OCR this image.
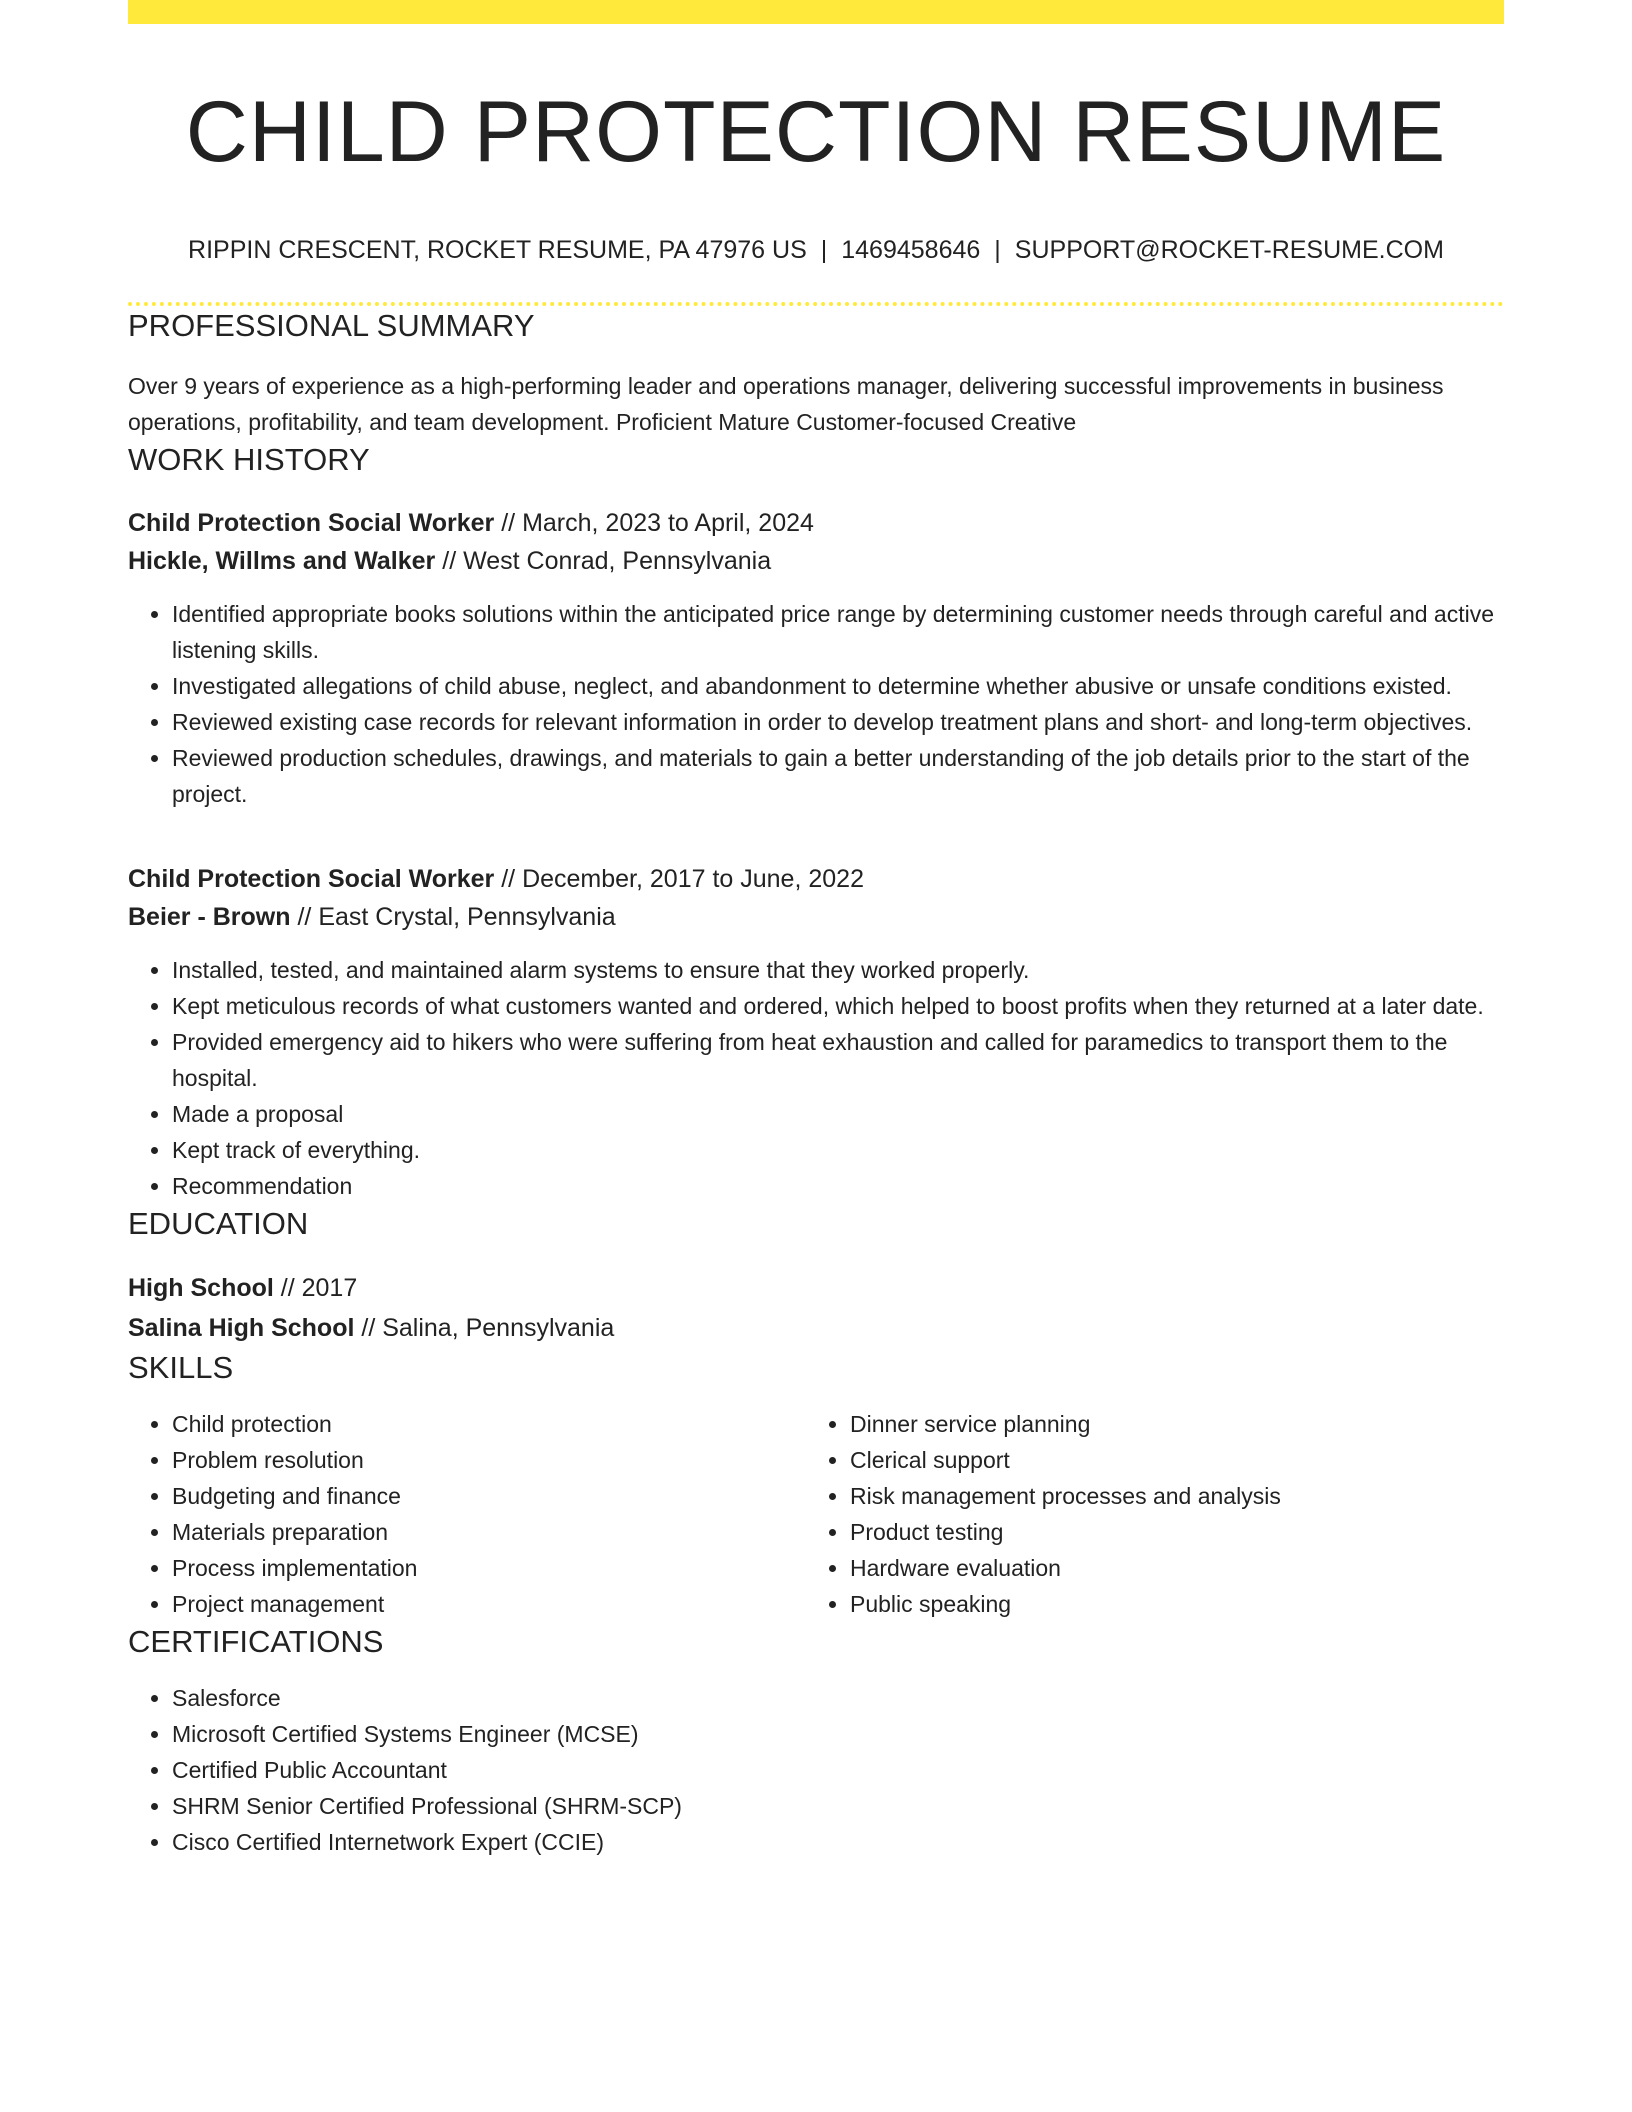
CHILD PROTECTION RESUME
RIPPIN CRESCENT, ROCKET RESUME, PA 47976 US | 1469458646 | SUPPORT@ROCKET-RESUME.COM
PROFESSIONAL SUMMARY
Over 9 years of experience as a high-performing leader and operations manager, delivering successful improvements in business operations, profitability, and team development. Proficient Mature Customer-focused Creative
WORK HISTORY
Child Protection Social Worker // March, 2023 to April, 2024
Hickle, Willms and Walker // West Conrad, Pennsylvania
• Identified appropriate books solutions within the anticipated price range by determining customer needs through careful and active listening skills.
• Investigated allegations of child abuse, neglect, and abandonment to determine whether abusive or unsafe conditions existed.
• Reviewed existing case records for relevant information in order to develop treatment plans and short- and long-term objectives.
• Reviewed production schedules, drawings, and materials to gain a better understanding of the job details prior to the start of the project.
Child Protection Social Worker // December, 2017 to June, 2022
Beier - Brown // East Crystal, Pennsylvania
• Installed, tested, and maintained alarm systems to ensure that they worked properly.
• Kept meticulous records of what customers wanted and ordered, which helped to boost profits when they returned at a later date.
• Provided emergency aid to hikers who were suffering from heat exhaustion and called for paramedics to transport them to the hospital.
• Made a proposal
• Kept track of everything.
• Recommendation
EDUCATION
High School // 2017
Salina High School // Salina, Pennsylvania
SKILLS
• Child protection
• Problem resolution
• Budgeting and finance
• Materials preparation
• Process implementation
• Project management
• Dinner service planning
• Clerical support
• Risk management processes and analysis
• Product testing
• Hardware evaluation
• Public speaking
CERTIFICATIONS
• Salesforce
• Microsoft Certified Systems Engineer (MCSE)
• Certified Public Accountant
• SHRM Senior Certified Professional (SHRM-SCP)
• Cisco Certified Internetwork Expert (CCIE)
